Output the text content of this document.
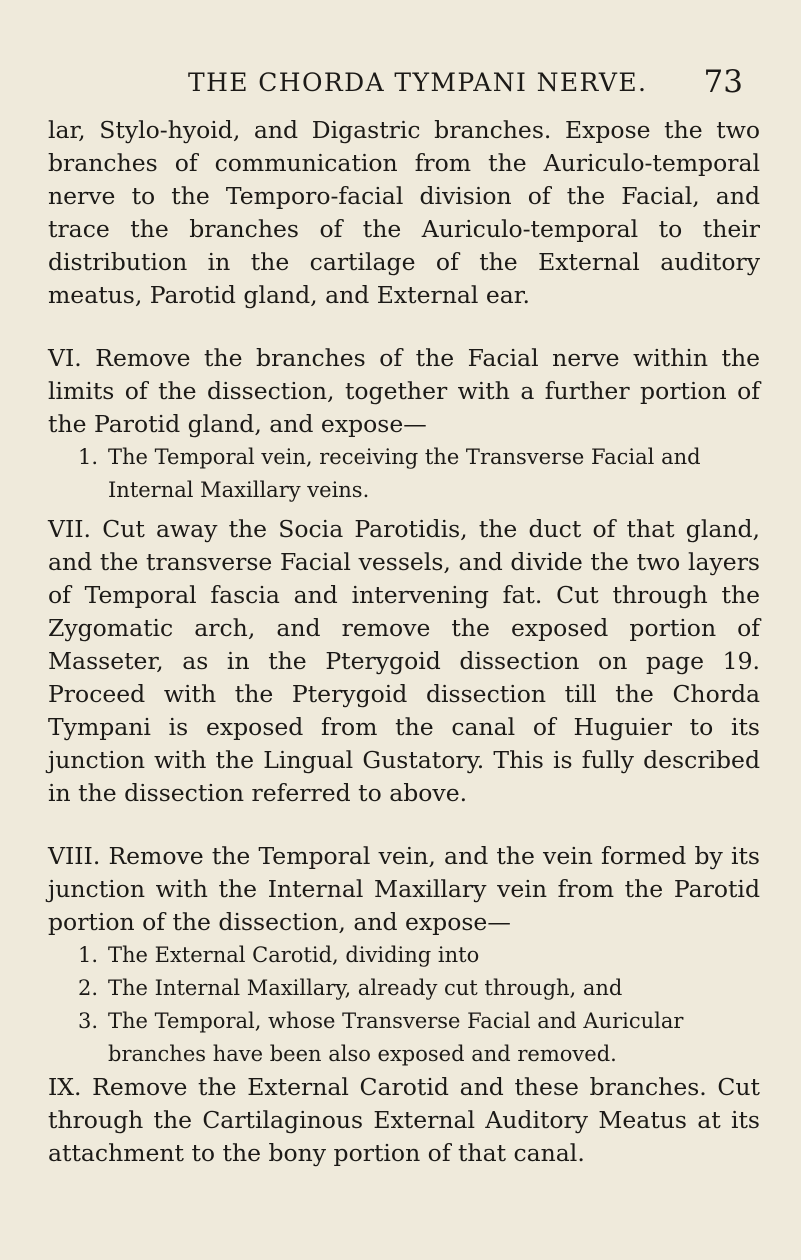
THE CHORDA TYMPANI NERVE. 73

lar, Stylo-hyoid, and Digastric branches. Expose the two branches of communication from the Auriculo-temporal nerve to the Temporo-facial division of the Facial, and trace the branches of the Auriculo-temporal to their distribution in the cartilage of the External auditory meatus, Parotid gland, and External ear.

VI. Remove the branches of the Facial nerve within the limits of the dissection, together with a further portion of the Parotid gland, and expose—

1. The Temporal vein, receiving the Transverse Facial and Internal Maxillary veins.

VII. Cut away the Socia Parotidis, the duct of that gland, and the transverse Facial vessels, and divide the two layers of Temporal fascia and intervening fat. Cut through the Zygomatic arch, and remove the exposed portion of Masseter, as in the Pterygoid dissection on page 19. Proceed with the Pterygoid dissection till the Chorda Tympani is exposed from the canal of Huguier to its junction with the Lingual Gustatory. This is fully described in the dissection referred to above.

VIII. Remove the Temporal vein, and the vein formed by its junction with the Internal Maxillary vein from the Parotid portion of the dissection, and expose—

1. The External Carotid, dividing into

2. The Internal Maxillary, already cut through, and

3. The Temporal, whose Transverse Facial and Auricular branches have been also exposed and removed.

IX. Remove the External Carotid and these branches. Cut through the Cartilaginous External Auditory Meatus at its attachment to the bony portion of that canal.
